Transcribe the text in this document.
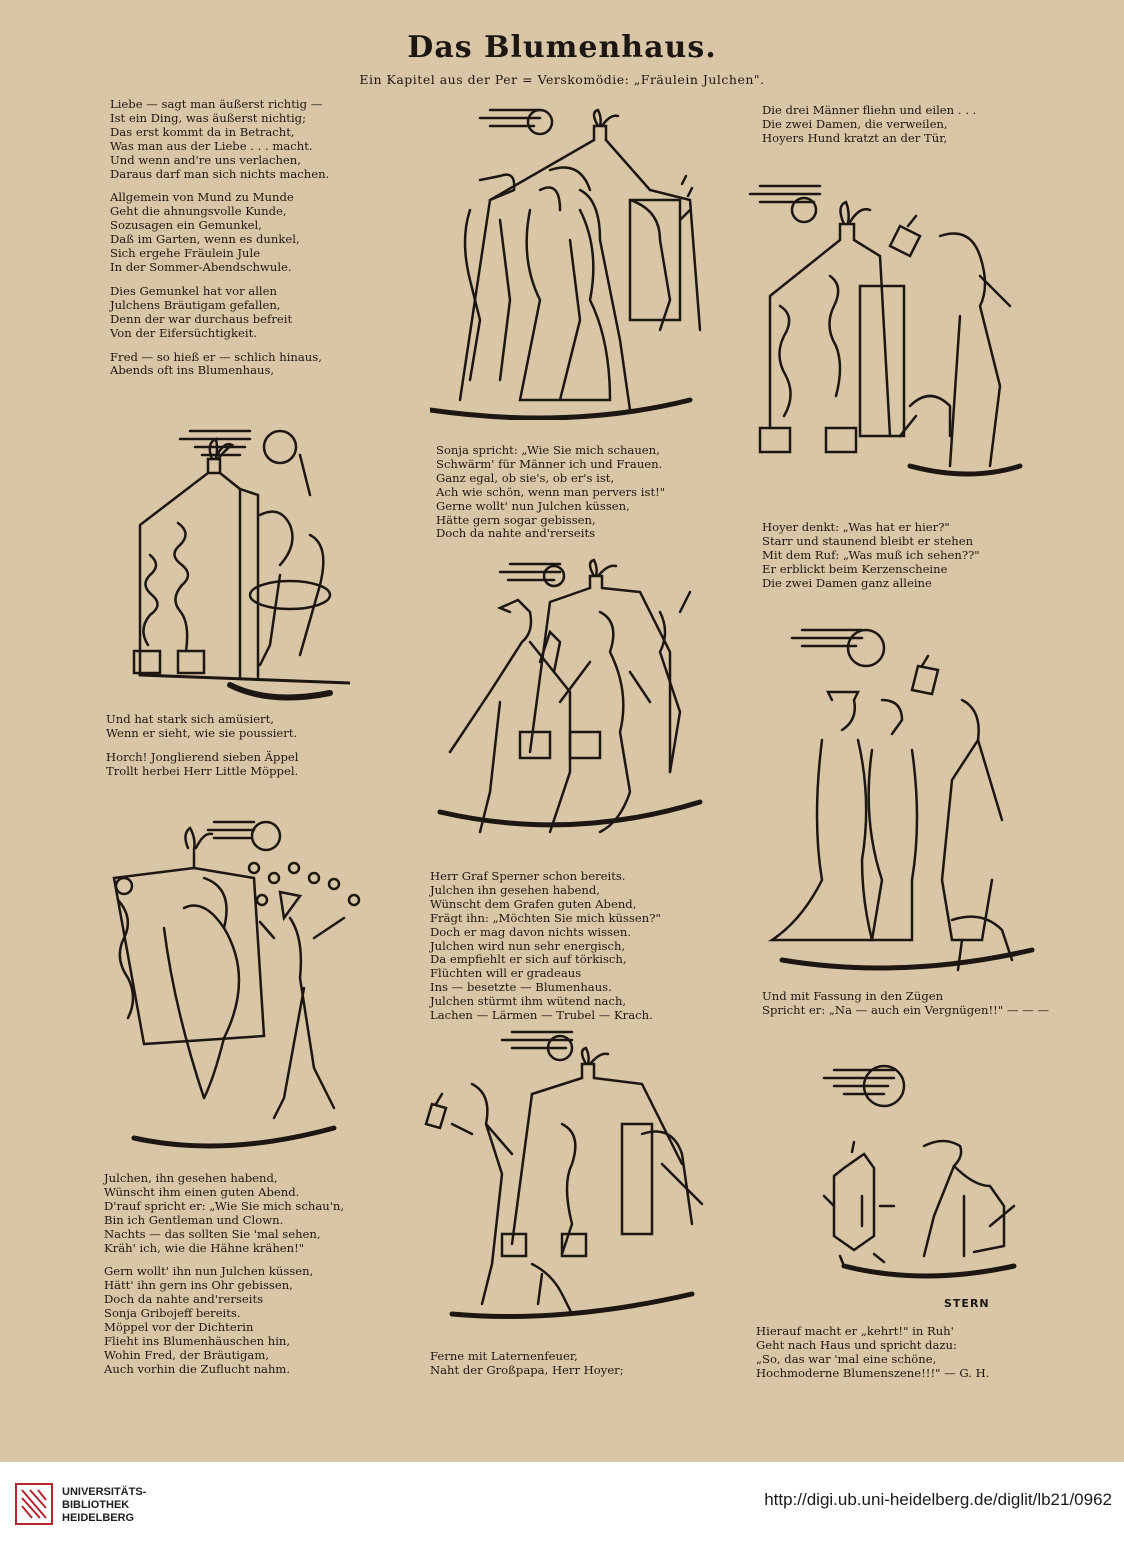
Das Blumenhaus.
Ein Kapitel aus der Per = Verskomödie: „Fräulein Julchen".
Liebe — sagt man äußerst richtig —
Ist ein Ding, was äußerst nichtig;
Das erst kommt da in Betracht,
Was man aus der Liebe . . . macht.
Und wenn and're uns verlachen,
Daraus darf man sich nichts machen.
Allgemein von Mund zu Munde
Geht die ahnungsvolle Kunde,
Sozusagen ein Gemunkel,
Daß im Garten, wenn es dunkel,
Sich ergehe Fräulein Jule
In der Sommer-Abendschwule.
Dies Gemunkel hat vor allen
Julchens Bräutigam gefallen,
Denn der war durchaus befreit
Von der Eifersüchtigkeit.
Fred — so hieß er — schlich hinaus,
Abends oft ins Blumenhaus,
Und hat stark sich amüsiert,
Wenn er sieht, wie sie poussiert.
Horch! Jonglierend sieben Äppel
Trollt herbei Herr Little Möppel.
Julchen, ihn gesehen habend,
Wünscht ihm einen guten Abend.
D'rauf spricht er: „Wie Sie mich schau'n,
Bin ich Gentleman und Clown.
Nachts — das sollten Sie 'mal sehen,
Kräh' ich, wie die Hähne krähen!"
Gern wollt' ihn nun Julchen küssen,
Hätt' ihn gern ins Ohr gebissen,
Doch da nahte and'rerseits
Sonja Gribojeff bereits.
Möppel vor der Dichterin
Flieht ins Blumenhäuschen hin,
Wohin Fred, der Bräutigam,
Auch vorhin die Zuflucht nahm.
Sonja spricht: „Wie Sie mich schauen,
Schwärm' für Männer ich und Frauen.
Ganz egal, ob sie's, ob er's ist,
Ach wie schön, wenn man pervers ist!"
Gerne wollt' nun Julchen küssen,
Hätte gern sogar gebissen,
Doch da nahte and'rerseits
Herr Graf Sperner schon bereits.
Julchen ihn gesehen habend,
Wünscht dem Grafen guten Abend,
Frägt ihn: „Möchten Sie mich küssen?"
Doch er mag davon nichts wissen.
Julchen wird nun sehr energisch,
Da empfiehlt er sich auf törkisch,
Flüchten will er gradeaus
Ins — besetzte — Blumenhaus.
Julchen stürmt ihm wütend nach,
Lachen — Lärmen — Trubel — Krach.
Ferne mit Laternenfeuer,
Naht der Großpapa, Herr Hoyer;
Die drei Männer fliehn und eilen . . .
Die zwei Damen, die verweilen,
Hoyers Hund kratzt an der Tür,
Hoyer denkt: „Was hat er hier?"
Starr und staunend bleibt er stehen
Mit dem Ruf: „Was muß ich sehen??"
Er erblickt beim Kerzenscheine
Die zwei Damen ganz alleine
Und mit Fassung in den Zügen
Spricht er: „Na — auch ein Vergnügen!!" — — —
Hierauf macht er „kehrt!" in Ruh'
Geht nach Haus und spricht dazu:
„So, das war 'mal eine schöne,
Hochmoderne Blumenszene!!!" — G. H.
STERN
UNIVERSITÄTS-
BIBLIOTHEK
HEIDELBERG
http://digi.ub.uni-heidelberg.de/diglit/lb21/0962
